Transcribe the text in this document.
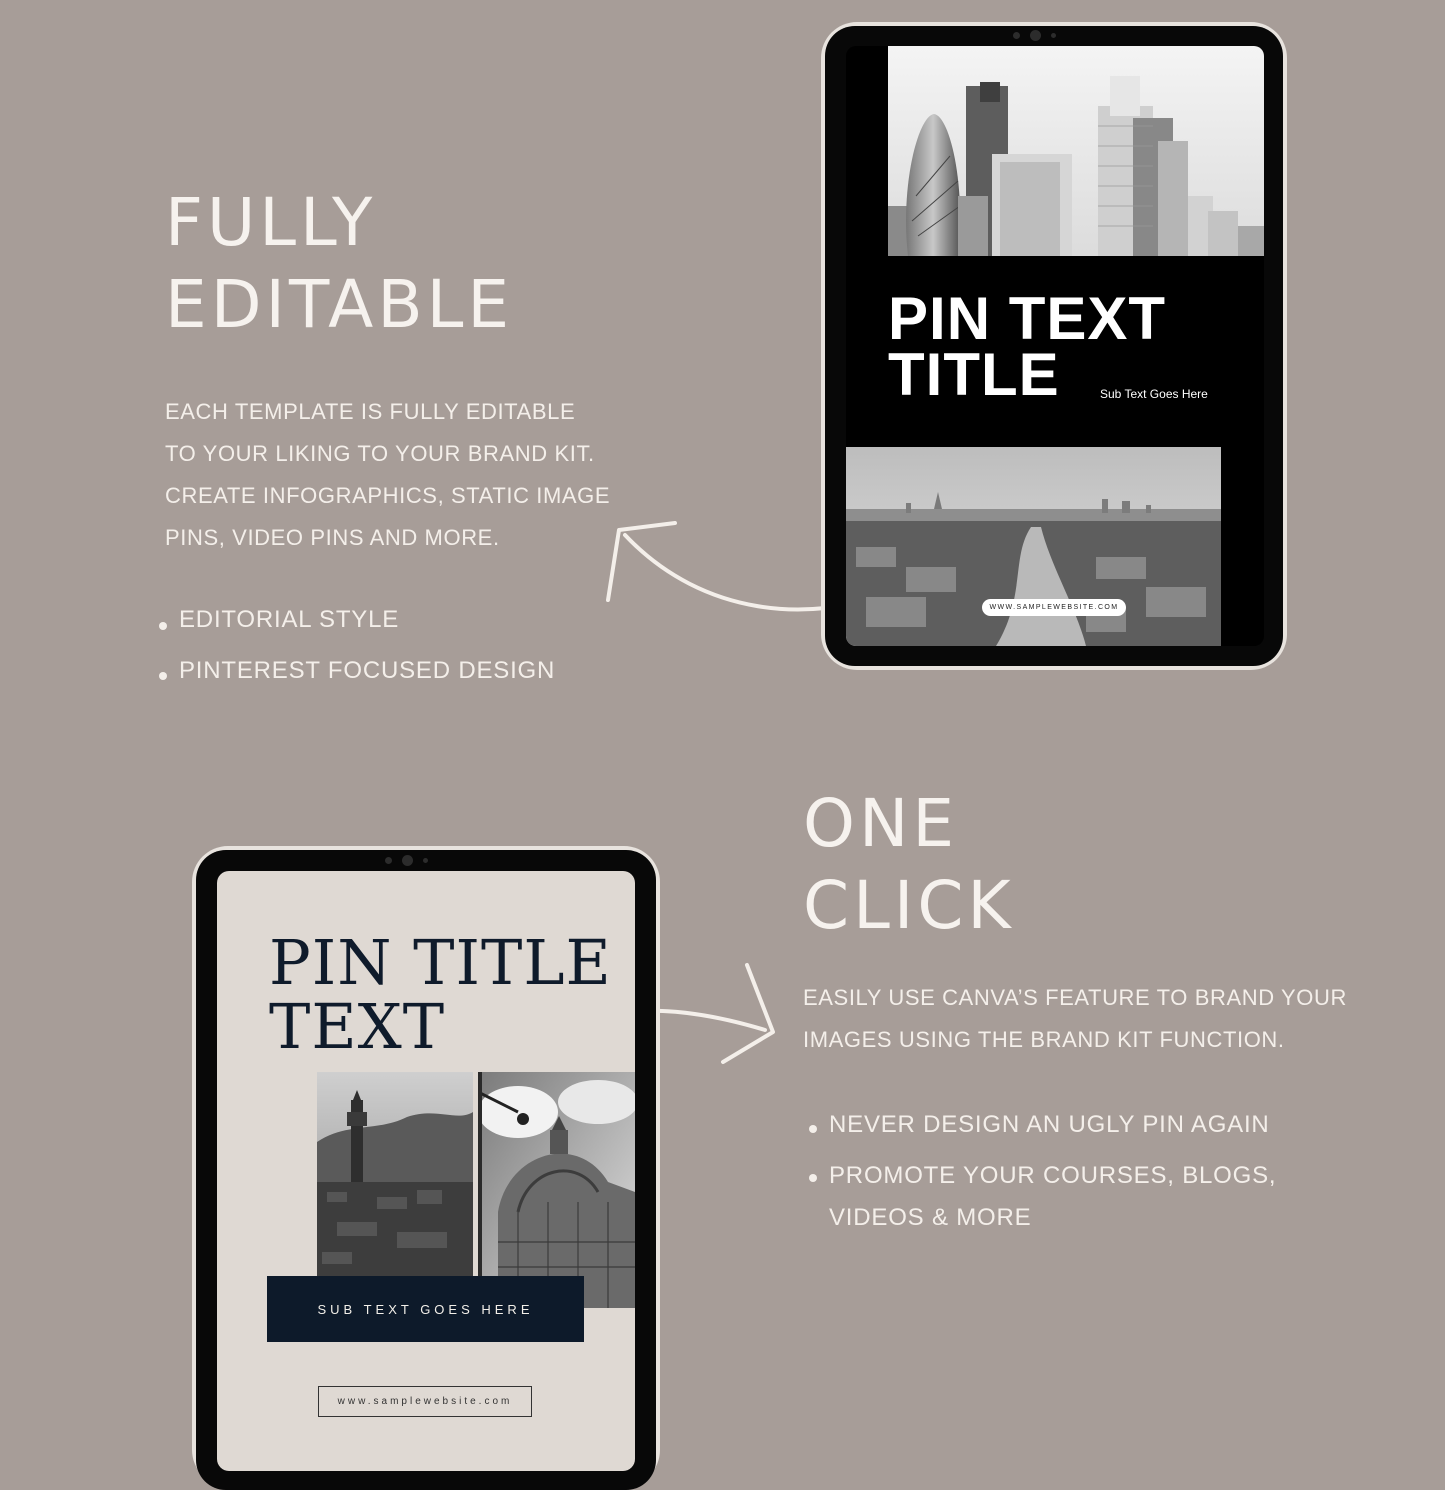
FULLY

EDITABLE

EACH TEMPLATE IS FULLY EDITABLE

TO YOUR LIKING TO YOUR BRAND KIT.

CREATE INFOGRAPHICS, STATIC IMAGE

PINS, VIDEO PINS AND MORE.

EDITORIAL STYLE
PINTEREST FOCUSED DESIGN
PIN TEXT
TITLE	Sub Text Goes Here
WWW.SAMPLEWEBSITE.COM

ONE

CLICK

EASILY USE CANVA’S FEATURE TO BRAND YOUR

IMAGES USING THE BRAND KIT FUNCTION.

NEVER DESIGN AN UGLY PIN AGAIN
PROMOTE YOUR COURSES, BLOGS,
VIDEOS & MORE
PIN TITLE
TEXT
SUB TEXT GOES HERE
www.samplewebsite.com
